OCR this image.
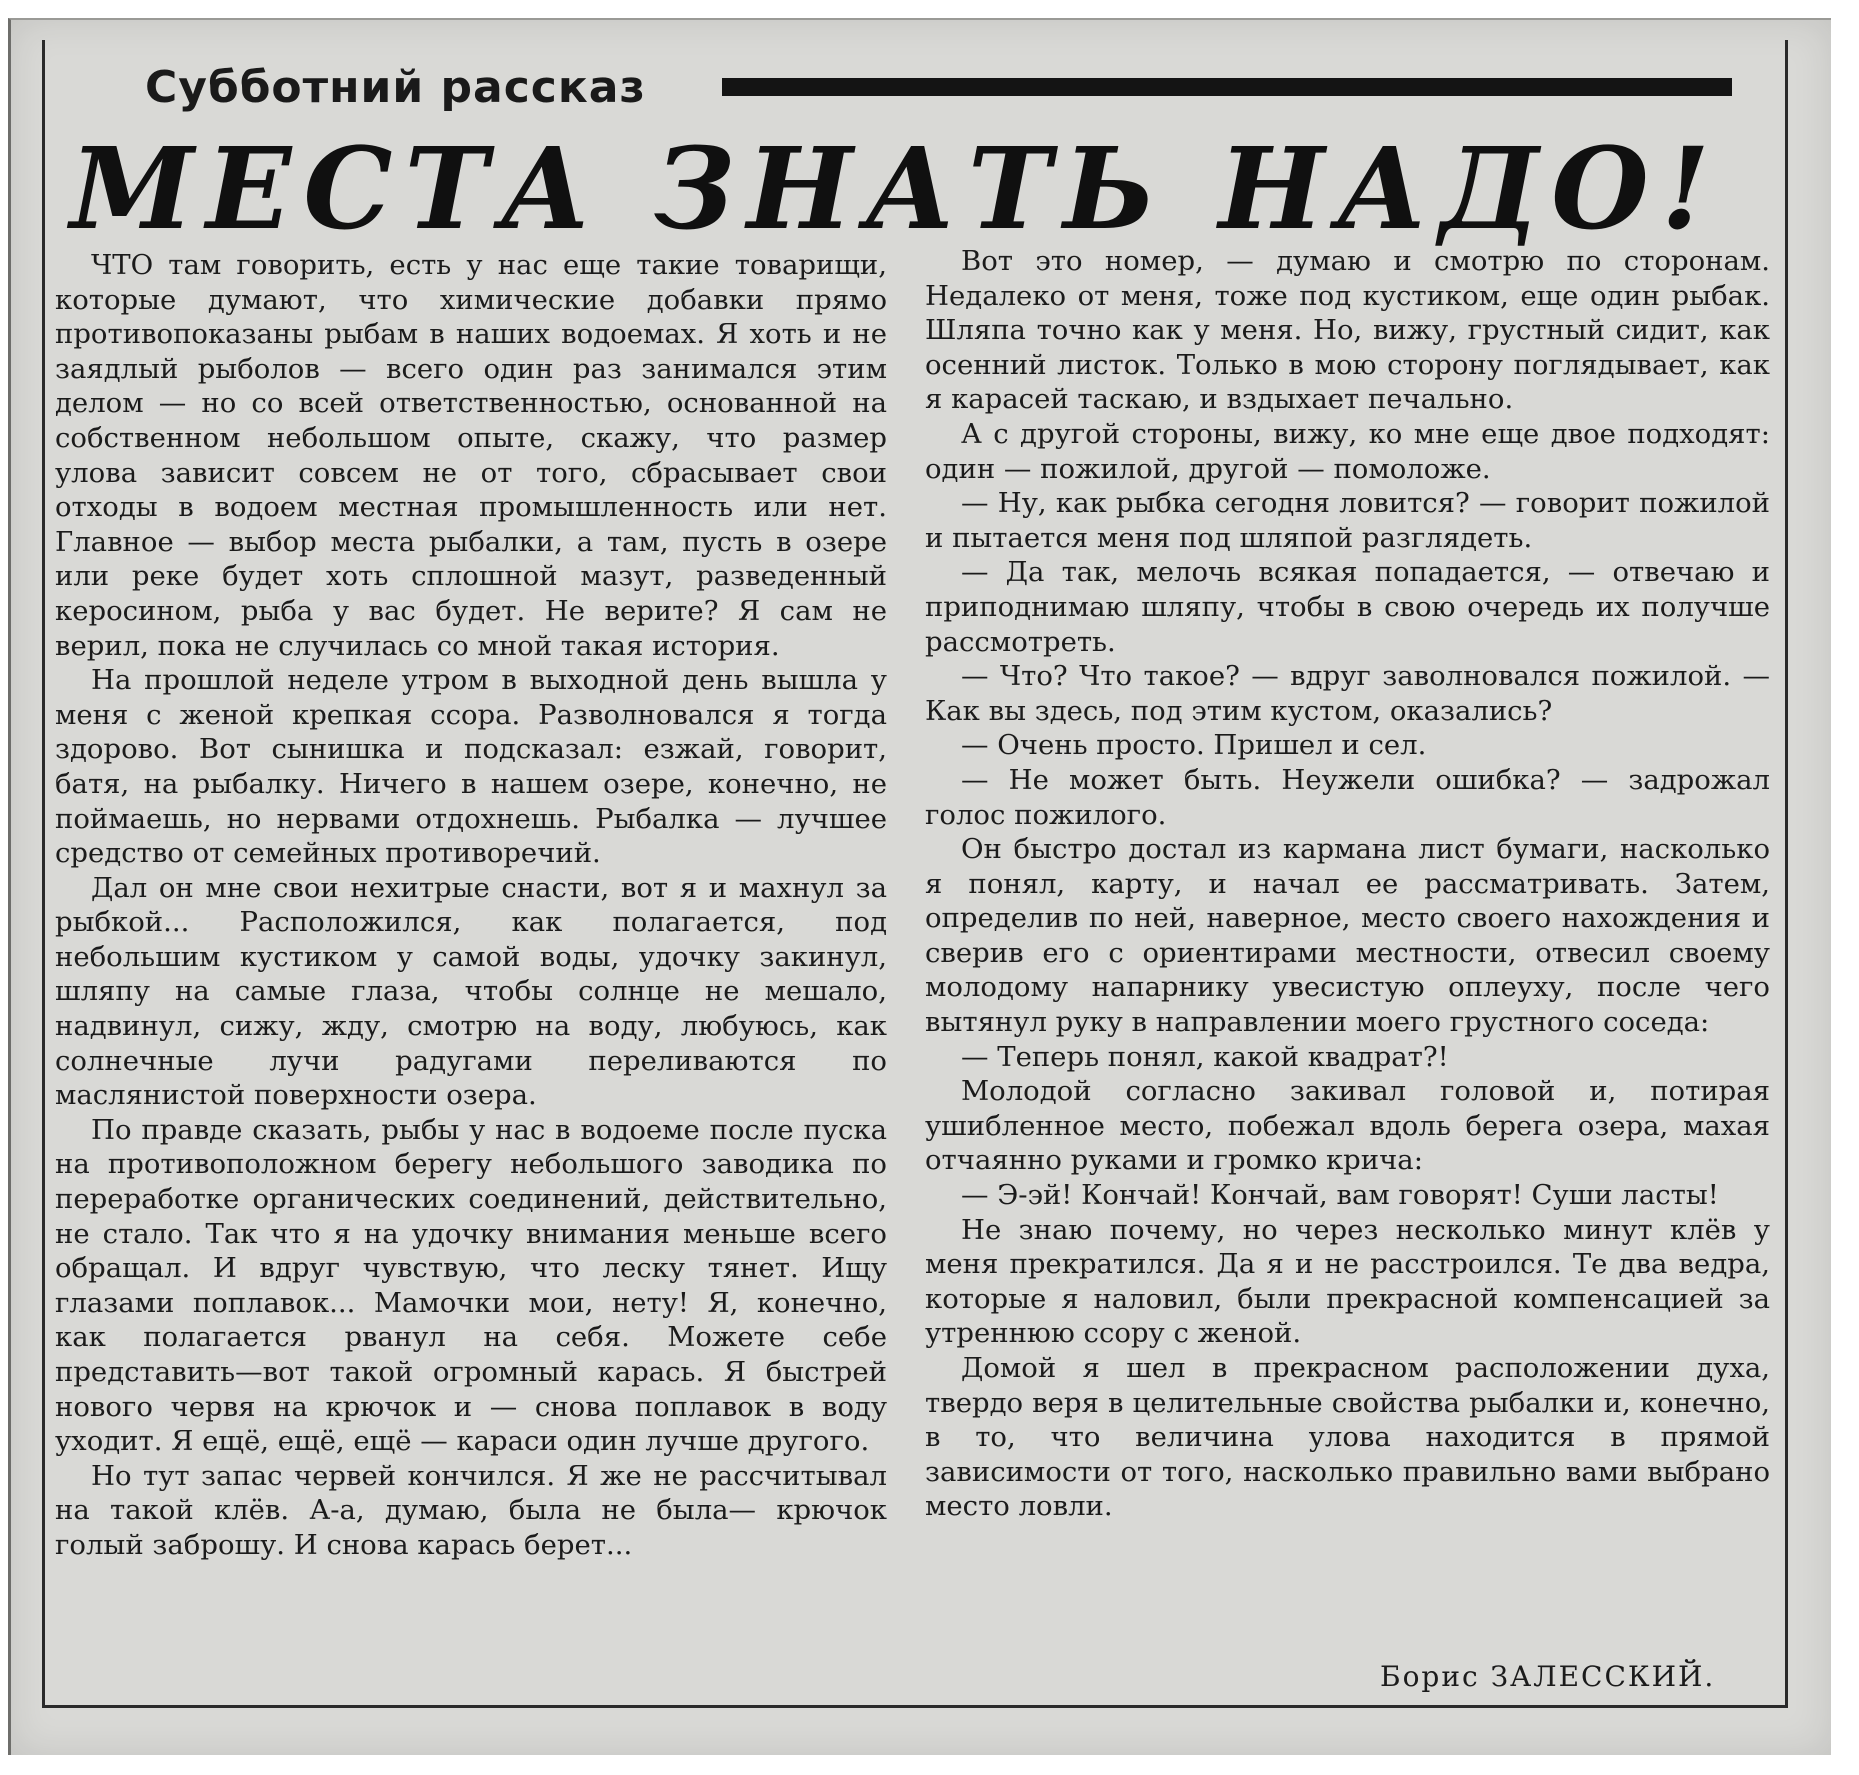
Субботний рассказ
МЕСТА ЗНАТЬ НАДО!

ЧТО там говорить, есть у нас еще такие товарищи, которые думают, что химические добавки прямо противопоказаны рыбам в наших водоемах. Я хоть и не заядлый рыболов — всего один раз занимался этим делом — но со всей ответственностью, основанной на собственном небольшом опыте, скажу, что размер улова зависит совсем не от того, сбрасывает свои отходы в водоем местная промышленность или нет. Главное — выбор места рыбалки, а там, пусть в озере или реке будет хоть сплошной мазут, разведенный керосином, рыба у вас будет. Не верите? Я сам не верил, пока не случилась со мной такая история.

На прошлой неделе утром в выходной день вышла у меня с женой крепкая ссора. Разволновался я тогда здорово. Вот сынишка и подсказал: езжай, говорит, батя, на рыбалку. Ничего в нашем озере, конечно, не поймаешь, но нервами отдохнешь. Рыбалка — лучшее средство от семейных противоречий.

Дал он мне свои нехитрые снасти, вот я и махнул за рыбкой... Расположился, как полагается, под небольшим кустиком у самой воды, удочку закинул, шляпу на самые глаза, чтобы солнце не мешало, надвинул, сижу, жду, смотрю на воду, любуюсь, как солнечные лучи радугами переливаются по маслянистой поверхности озера.

По правде сказать, рыбы у нас в водоеме после пуска на противоположном берегу небольшого заводика по переработке органических соединений, действительно, не стало. Так что я на удочку внимания меньше всего обращал. И вдруг чувствую, что леску тянет. Ищу глазами поплавок... Мамочки мои, нету! Я, конечно, как полагается рванул на себя. Можете себе представить—вот такой огромный карась. Я быстрей нового червя на крючок и — снова поплавок в воду уходит. Я ещё, ещё, ещё — караси один лучше другого.

Но тут запас червей кончился. Я же не рассчитывал на такой клёв. А-а, думаю, была не была— крючок голый заброшу. И снова карась берет...

Вот это номер, — думаю и смотрю по сторонам. Недалеко от меня, тоже под кустиком, еще один рыбак. Шляпа точно как у меня. Но, вижу, грустный сидит, как осенний листок. Только в мою сторону поглядывает, как я карасей таскаю, и вздыхает печально.

А с другой стороны, вижу, ко мне еще двое подходят: один — пожилой, другой — помоложе.

— Ну, как рыбка сегодня ловится? — говорит пожилой и пытается меня под шляпой разглядеть.

— Да так, мелочь всякая попадается, — отвечаю и приподнимаю шляпу, чтобы в свою очередь их получше рассмотреть.

— Что? Что такое? — вдруг заволновался пожилой. — Как вы здесь, под этим кустом, оказались?

— Очень просто. Пришел и сел.

— Не может быть. Неужели ошибка? — задрожал голос пожилого.

Он быстро достал из кармана лист бумаги, насколько я понял, карту, и начал ее рассматривать. Затем, определив по ней, наверное, место своего нахождения и сверив его с ориентирами местности, отвесил своему молодому напарнику увесистую оплеуху, после чего вытянул руку в направлении моего грустного соседа:

— Теперь понял, какой квадрат?!

Молодой согласно закивал головой и, потирая ушибленное место, побежал вдоль берега озера, махая отчаянно руками и громко крича:

— Э-эй! Кончай! Кончай, вам говорят! Суши ласты!

Не знаю почему, но через несколько минут клёв у меня прекратился. Да я и не расстроился. Те два ведра, которые я наловил, были прекрасной компенсацией за утреннюю ссору с женой.

Домой я шел в прекрасном расположении духа, твердо веря в целительные свойства рыбалки и, конечно, в то, что величина улова находится в прямой зависимости от того, насколько правильно вами выбрано место ловли.

Борис ЗАЛЕССКИЙ.
